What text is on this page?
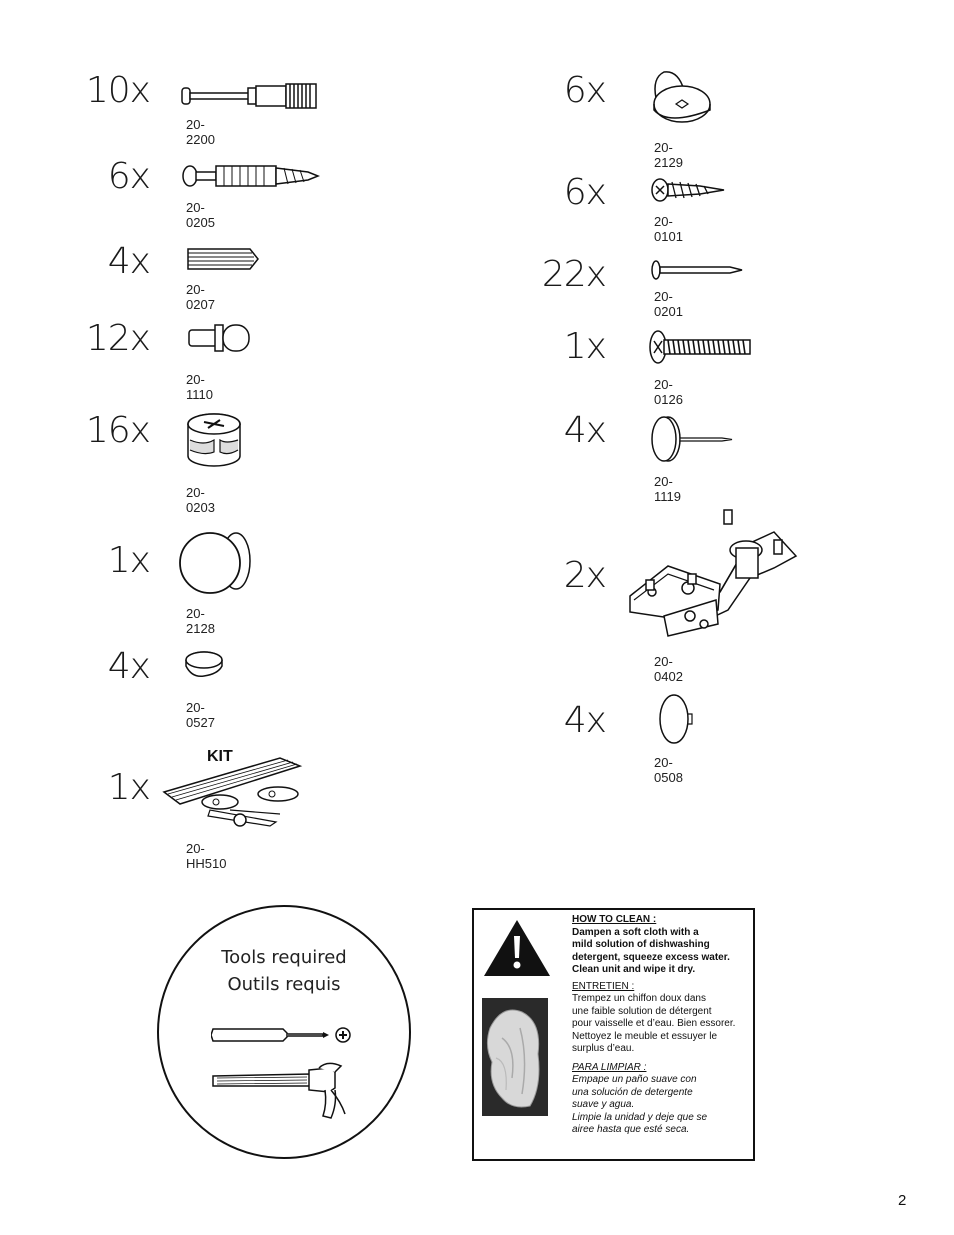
10x
20-2200
6x
20-0205
4x
20-0207
12x
20-1110
16x
20-0203
1x
20-2128
4x
20-0527
1x
KIT
20-HH510
6x
20-2129
6x
20-0101
22x
20-0201
1x
20-0126
4x
20-1119
2x
20-0402
4x
20-0508
Tools required
Outils requis
HOW TO CLEAN :
Dampen a soft cloth with a
mild solution of dishwashing
detergent, squeeze excess water.
Clean unit and wipe it dry.
ENTRETIEN :
Trempez un chiffon doux dans
une faible solution de détergent
pour vaisselle et d’eau. Bien essorer.
Nettoyez le meuble et essuyer le
surplus d’eau.
PARA LIMPIAR :
Empape un paño suave con
una solución de detergente
suave y agua.
Limpie la unidad y deje que se
airee hasta que esté seca.
2
